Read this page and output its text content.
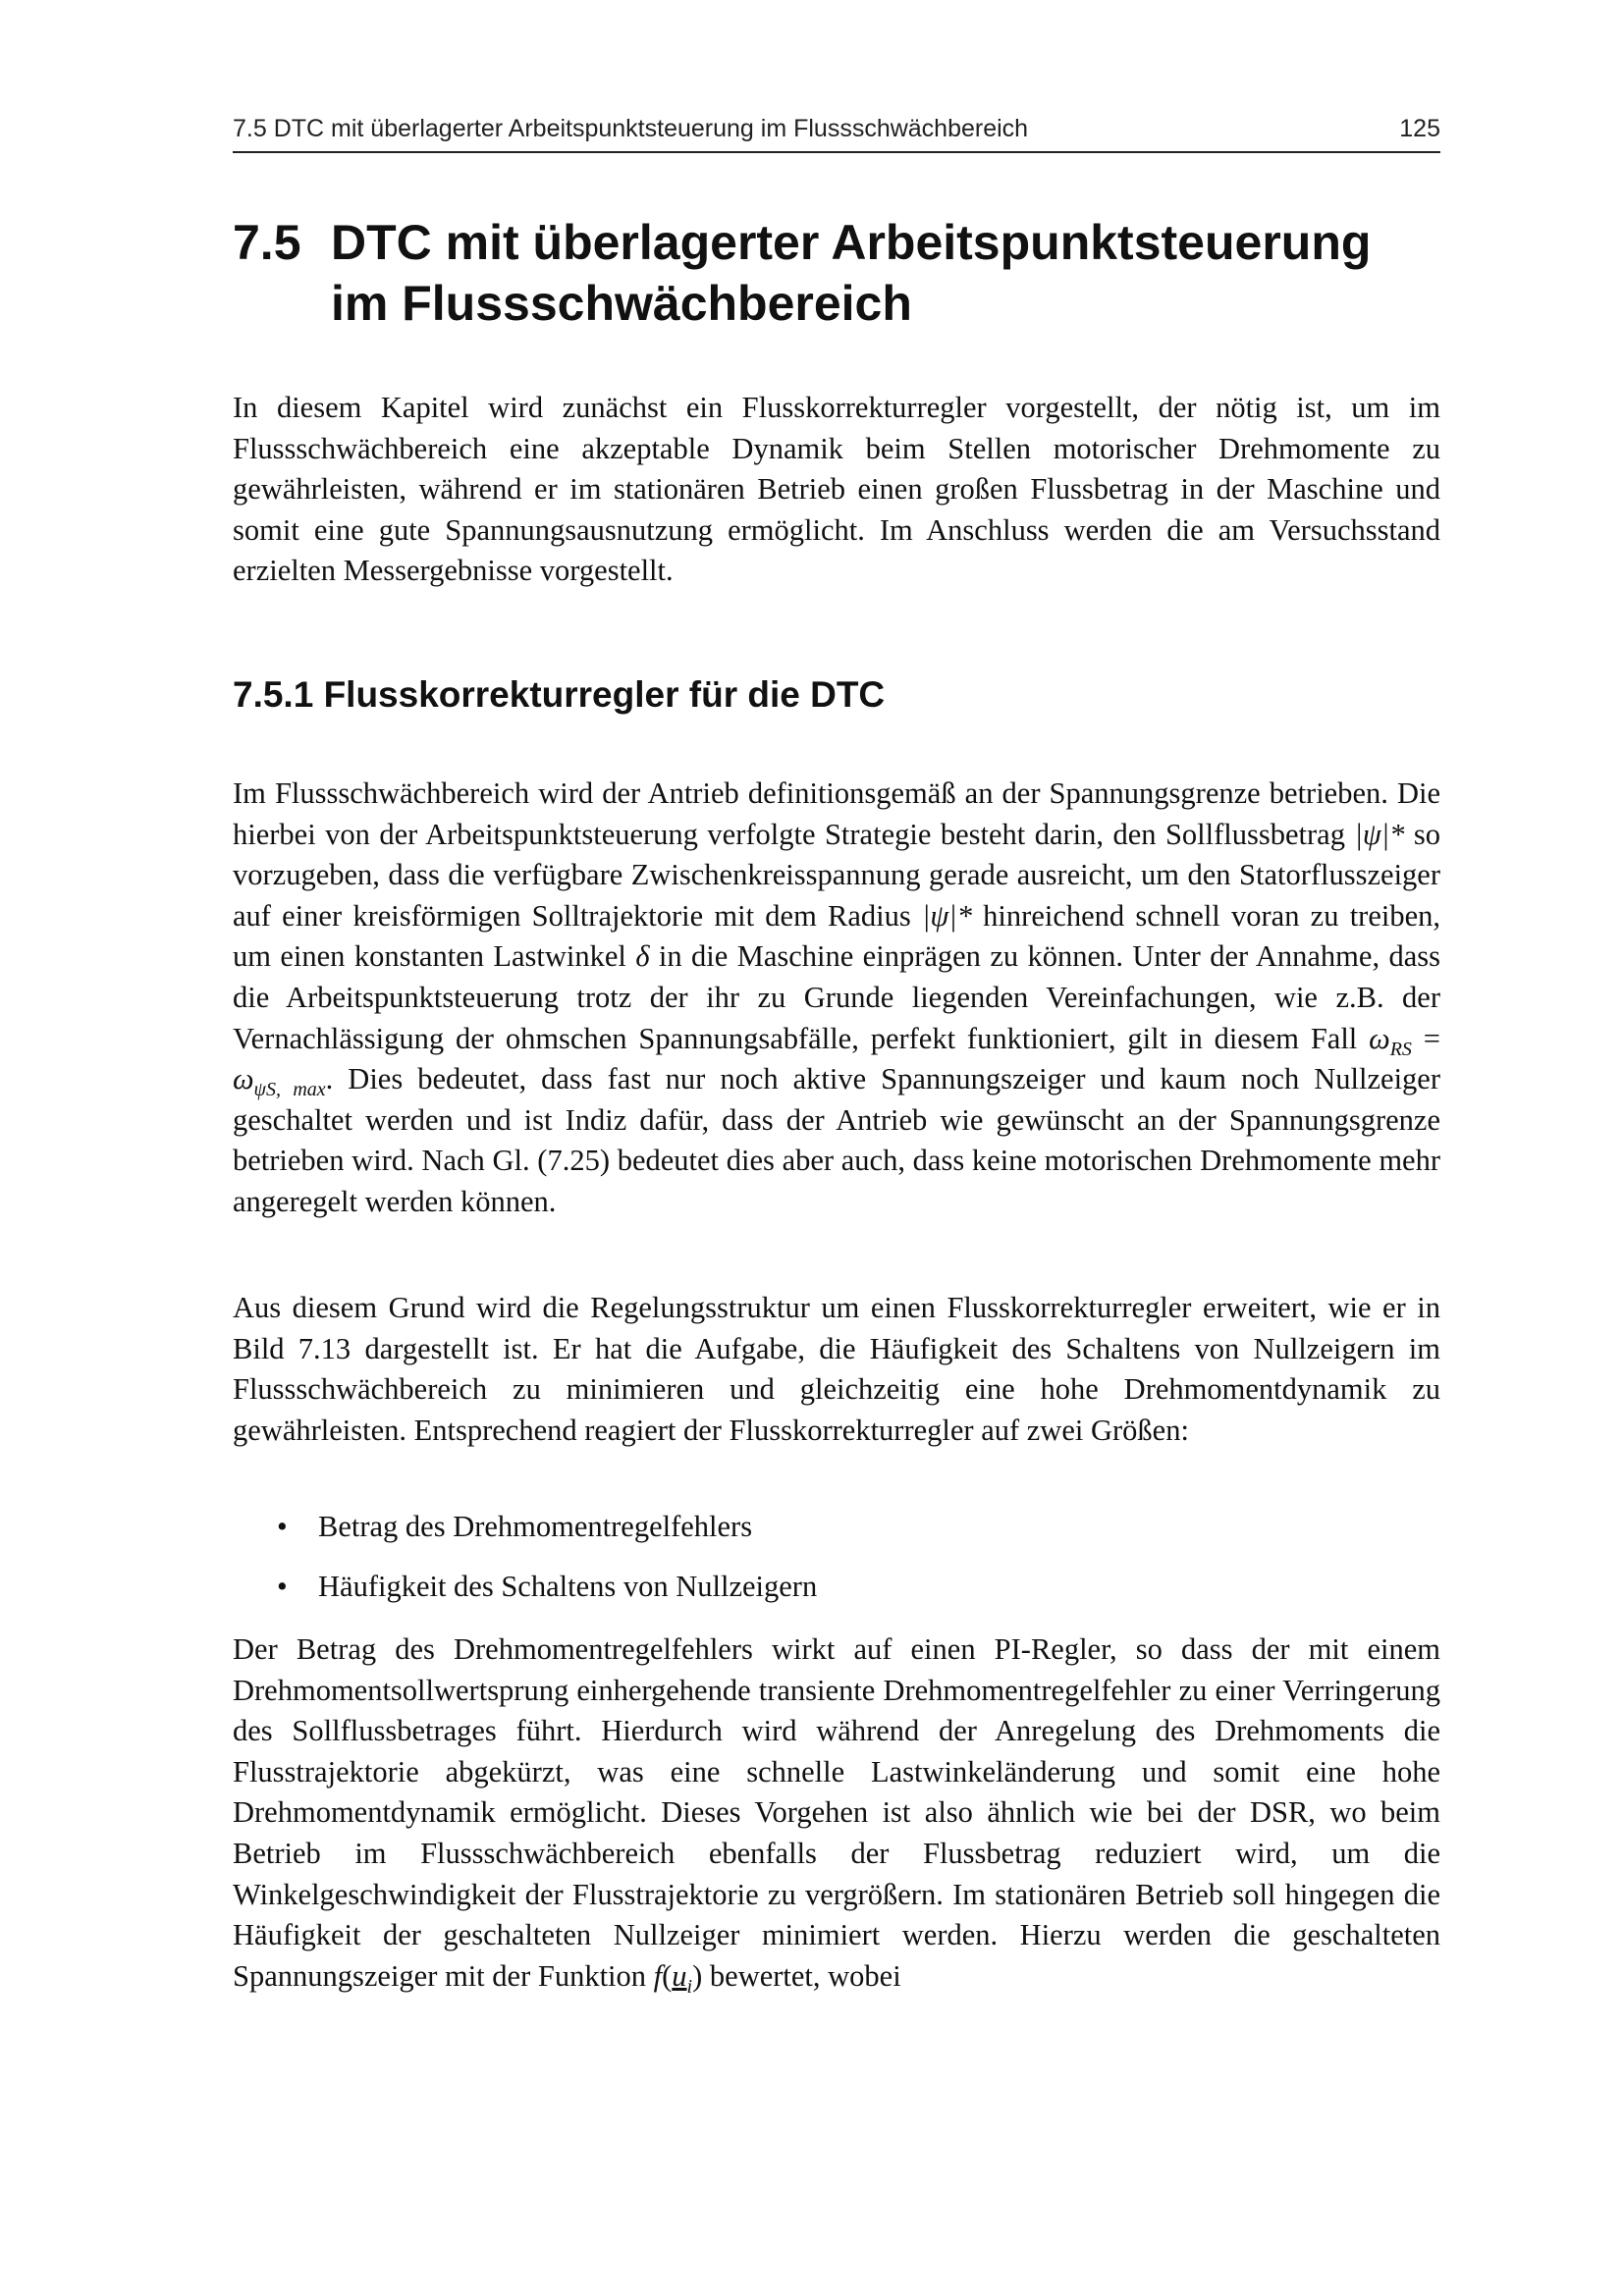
7.5 DTC mit überlagerter Arbeitspunktsteuerung im Flussschwächbereich	125
7.5 DTC mit überlagerter Arbeitspunktsteuerung
im Flussschwächbereich

In diesem Kapitel wird zunächst ein Flusskorrekturregler vorgestellt, der nötig ist, um im Flussschwächbereich eine akzeptable Dynamik beim Stellen motorischer Drehmomente zu gewährleisten, während er im stationären Betrieb einen großen Flussbetrag in der Maschine und somit eine gute Spannungsausnutzung ermöglicht. Im Anschluss werden die am Versuchsstand erzielten Messergebnisse vorgestellt.

7.5.1 Flusskorrekturregler für die DTC

Im Flussschwächbereich wird der Antrieb definitionsgemäß an der Spannungsgrenze betrieben. Die hierbei von der Arbeitspunktsteuerung verfolgte Strategie besteht darin, den Sollflussbetrag |ψ|* so vorzugeben, dass die verfügbare Zwischenkreisspannung gerade ausreicht, um den Statorflusszeiger auf einer kreisförmigen Solltrajektorie mit dem Radius |ψ|* hinreichend schnell voran zu treiben, um einen konstanten Lastwinkel δ in die Maschine einprägen zu können. Unter der Annahme, dass die Arbeitspunktsteuerung trotz der ihr zu Grunde liegenden Vereinfachungen, wie z.B. der Vernachlässigung der ohmschen Spannungsabfälle, perfekt funktioniert, gilt in diesem Fall $\omega_{RS} = \omega_{\psi S, max}$. Dies bedeutet, dass fast nur noch aktive Spannungszeiger und kaum noch Nullzeiger geschaltet werden und ist Indiz dafür, dass der Antrieb wie gewünscht an der Spannungsgrenze betrieben wird. Nach Gl. (7.25) bedeutet dies aber auch, dass keine motorischen Drehmomente mehr angeregelt werden können.

Aus diesem Grund wird die Regelungsstruktur um einen Flusskorrekturregler erweitert, wie er in Bild 7.13 dargestellt ist. Er hat die Aufgabe, die Häufigkeit des Schaltens von Nullzeigern im Flussschwächbereich zu minimieren und gleichzeitig eine hohe Drehmomentdynamik zu gewährleisten. Entsprechend reagiert der Flusskorrekturregler auf zwei Größen:

• Betrag des Drehmomentregelfehlers
• Häufigkeit des Schaltens von Nullzeigern

Der Betrag des Drehmomentregelfehlers wirkt auf einen PI-Regler, so dass der mit einem Drehmomentsollwertsprung einhergehende transiente Drehmomentregelfehler zu einer Verringerung des Sollflussbetrages führt. Hierdurch wird während der Anregelung des Drehmoments die Flusstrajektorie abgekürzt, was eine schnelle Lastwinkeländerung und somit eine hohe Drehmomentdynamik ermöglicht. Dieses Vorgehen ist also ähnlich wie bei der DSR, wo beim Betrieb im Flussschwächbereich ebenfalls der Flussbetrag reduziert wird, um die Winkelgeschwindigkeit der Flusstrajektorie zu vergrößern. Im stationären Betrieb soll hingegen die Häufigkeit der geschalteten Nullzeiger minimiert werden. Hierzu werden die geschalteten Spannungszeiger mit der Funktion $f(u_i)$ bewertet, wobei
